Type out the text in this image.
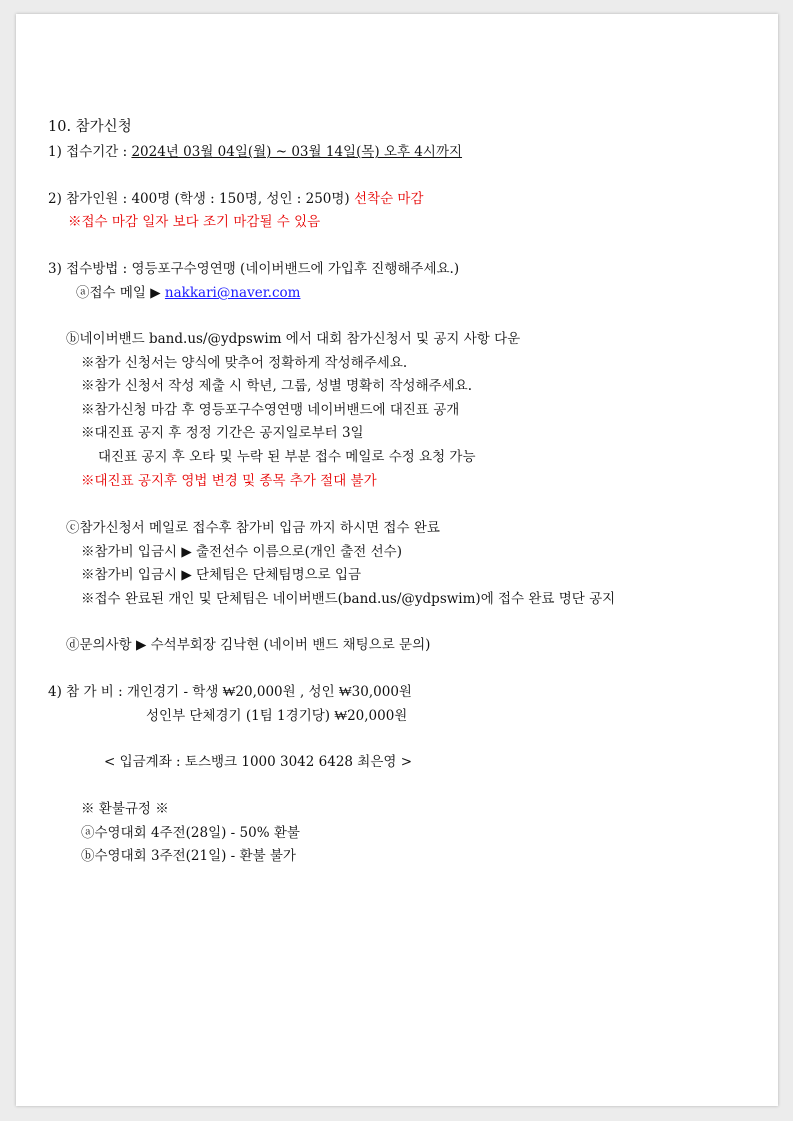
10. 참가신청
1) 접수기간 : 2024년 03월 04일(월) ~ 03월 14일(목) 오후 4시까지
2) 참가인원 : 400명 (학생 : 150명, 성인 : 250명) 선착순 마감
※접수 마감 일자 보다 조기 마감될 수 있음
3) 접수방법 : 영등포구수영연맹 (네이버밴드에 가입후 진행해주세요.)
ⓐ접수 메일 ▶ nakkari@naver.com
ⓑ네이버밴드 band.us/@ydpswim 에서 대회 참가신청서 및 공지 사항 다운
※참가 신청서는 양식에 맞추어 정확하게 작성해주세요.
※참가 신청서 작성 제출 시 학년, 그룹, 성별 명확히 작성해주세요.
※참가신청 마감 후 영등포구수영연맹 네이버밴드에 대진표 공개
※대진표 공지 후 정정 기간은 공지일로부터 3일
대진표 공지 후 오타 및 누락 된 부분 접수 메일로 수정 요청 가능
※대진표 공지후 영법 변경 및 종목 추가 절대 불가
ⓒ참가신청서 메일로 접수후 참가비 입금 까지 하시면 접수 완료
※참가비 입금시 ▶ 출전선수 이름으로(개인 출전 선수)
※참가비 입금시 ▶ 단체팀은 단체팀명으로 입금
※접수 완료된 개인 및 단체팀은 네이버밴드(band.us/@ydpswim)에 접수 완료 명단 공지
ⓓ문의사항 ▶ 수석부회장 김낙현 (네이버 밴드 채팅으로 문의)
4) 참 가 비 : 개인경기 - 학생 ₩20,000원 , 성인 ₩30,000원
성인부 단체경기 (1팀 1경기당) ₩20,000원
< 입금계좌 : 토스뱅크 1000 3042 6428 최은영 >
※ 환불규정 ※
ⓐ수영대회 4주전(28일) - 50% 환불
ⓑ수영대회 3주전(21일) - 환불 불가
